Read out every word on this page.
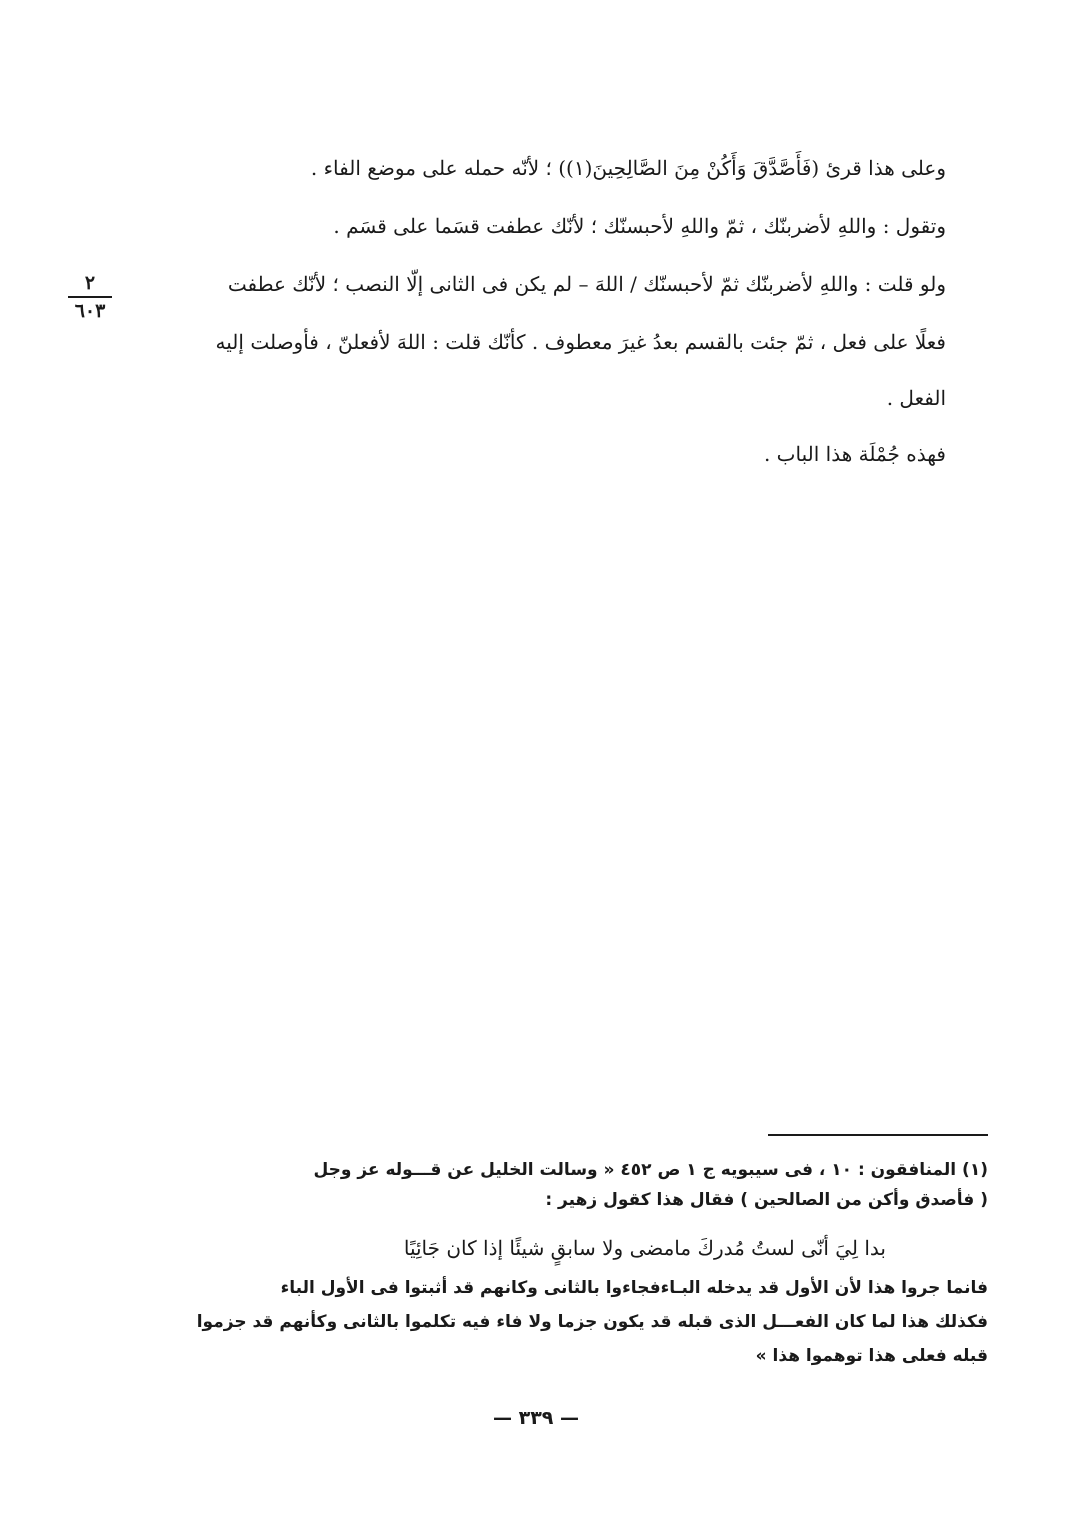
وعلى هذا قرئ (فَأَصَّدَّقَ وَأَكُنْ مِنَ الصَّالِحِينَ(١)) ؛ لأنّه حمله على موضع الفاء .
وتقول : واللهِ لأضربنّك ، ثمّ واللهِ لأحبسنّك ؛ لأنّك عطفت قسَما على قسَم .
ولو قلت : واللهِ لأضربنّك ثمّ لأحبسنّك / اللهَ – لم يكن فى الثانى إلّا النصب ؛ لأنّك عطفت
فعلًا على فعل ، ثمّ جئت بالقسم بعدُ غيرَ معطوف . كأنّك قلت : اللهَ لأفعلنّ ، فأوصلت إليه
الفعل .
فهذه جُمْلَة هذا الباب .
٢
٦٠٣
(١) المنافقون : ١٠ ، فى سيبويه ج ١ ص ٤٥٢ « وسالت الخليل عن قـــوله عز وجل
( فأصدق وأكن من الصالحين ) فقال هذا كقول زهير :
بدا لِيَ أنّى لستُ مُدركَ مامضى ولا سابقٍ شيئًا إذا كان جَائِيًا
فانما جروا هذا لأن الأول قد يدخله البـاءفجاءوا بالثانى وكانهم قد أثبتوا فى الأول الباء
فكذلك هذا لما كان الفعـــل الذى قبله قد يكون جزما ولا فاء فيه تكلموا بالثانى وكأنهم قد جزموا
قبله فعلى هذا توهموا هذا »
— ٣٣٩ —
